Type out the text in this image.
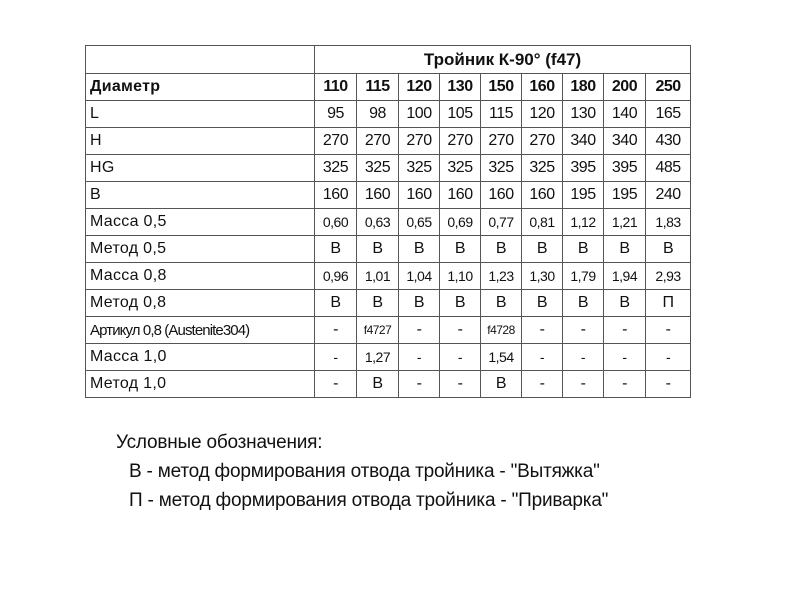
	Тройник К-90° (f47)								
Диаметр	110	115	120	130	150	160	180	200	250
L	95	98	100	105	115	120	130	140	165
H	270	270	270	270	270	270	340	340	430
HG	325	325	325	325	325	325	395	395	485
B	160	160	160	160	160	160	195	195	240
Масса 0,5	0,60	0,63	0,65	0,69	0,77	0,81	1,12	1,21	1,83
Метод 0,5	В	В	В	В	В	В	В	В	В
Масса 0,8	0,96	1,01	1,04	1,10	1,23	1,30	1,79	1,94	2,93
Метод 0,8	В	В	В	В	В	В	В	В	П
Артикул 0,8 (Austenite304)	-	f4727	-	-	f4728	-	-	-	-
Масса 1,0	-	1,27	-	-	1,54	-	-	-	-
Метод 1,0	-	В	-	-	В	-	-	-	-
Условные обозначения:
В - метод формирования отвода тройника - "Вытяжка"
П - метод формирования отвода тройника - "Приварка"
